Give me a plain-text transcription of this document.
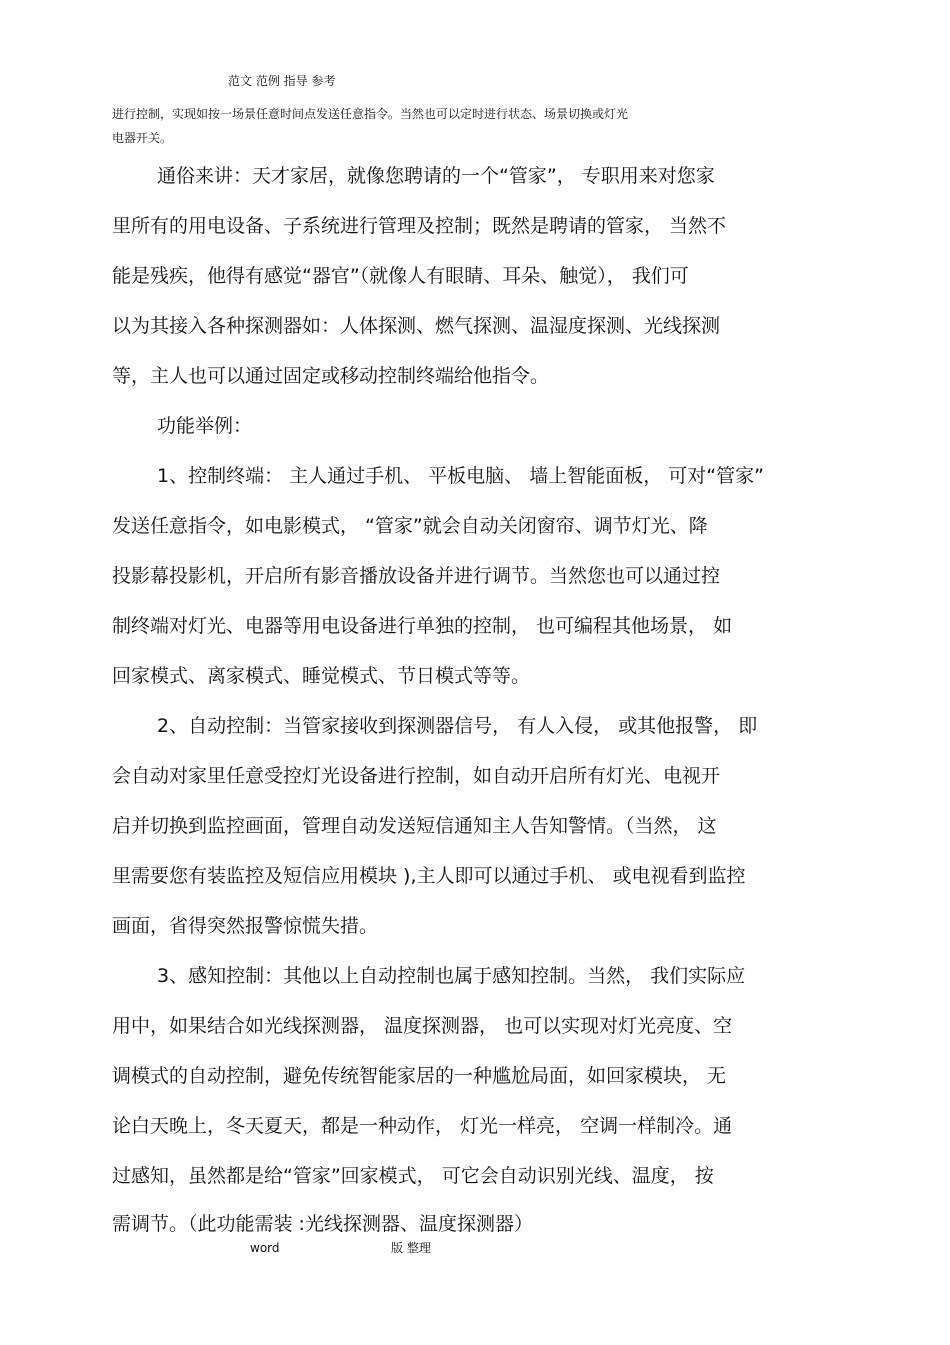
范文 范例 指导 参考
进行控制，实现如按一场景任意时间点发送任意指令。当然也可以定时进行状态、场景切换或灯光
电器开关。
通俗来讲：天才家居，就像您聘请的一个“管家”， 专职用来对您家
里所有的用电设备、子系统进行管理及控制；既然是聘请的管家， 当然不
能是残疾，他得有感觉“器官”（就像人有眼睛、耳朵、触觉）， 我们可
以为其接入各种探测器如：人体探测、燃气探测、温湿度探测、光线探测
等，主人也可以通过固定或移动控制终端给他指令。
功能举例：
1、控制终端： 主人通过手机、 平板电脑、 墙上智能面板， 可对“管家”
发送任意指令，如电影模式， “管家”就会自动关闭窗帘、调节灯光、降
投影幕投影机，开启所有影音播放设备并进行调节。当然您也可以通过控
制终端对灯光、电器等用电设备进行单独的控制， 也可编程其他场景， 如
回家模式、离家模式、睡觉模式、节日模式等等。
2、自动控制：当管家接收到探测器信号， 有人入侵， 或其他报警， 即
会自动对家里任意受控灯光设备进行控制，如自动开启所有灯光、电视开
启并切换到监控画面，管理自动发送短信通知主人告知警情。（当然， 这
里需要您有装监控及短信应用模块 ),主人即可以通过手机、 或电视看到监控
画面，省得突然报警惊慌失措。
3、感知控制：其他以上自动控制也属于感知控制。当然， 我们实际应
用中，如果结合如光线探测器， 温度探测器， 也可以实现对灯光亮度、空
调模式的自动控制，避免传统智能家居的一种尴尬局面，如回家模块， 无
论白天晚上，冬天夏天，都是一种动作， 灯光一样亮， 空调一样制冷。通
过感知，虽然都是给“管家”回家模式， 可它会自动识别光线、温度， 按
需调节。（此功能需装 :光线探测器、温度探测器）
word	版 整理
